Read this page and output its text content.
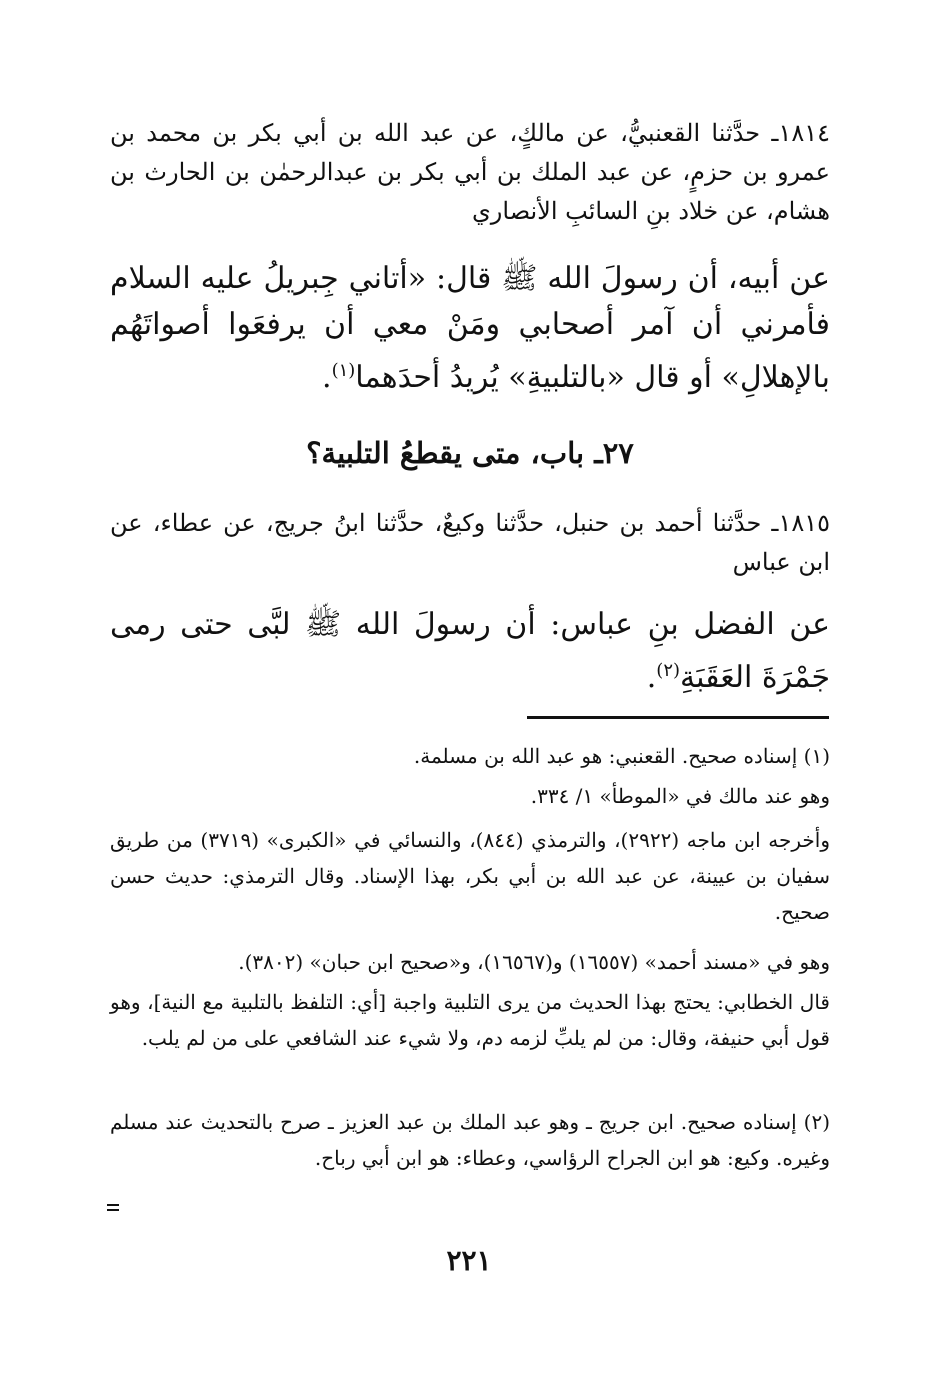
١٨١٤ـ حدَّثنا القعنبيُّ، عن مالكٍ، عن عبد الله بن أبي بكر بن محمد بن عمرو بن حزمٍ، عن عبد الملك بن أبي بكر بن عبدالرحمٰن بن الحارث بن هشام، عن خلاد بنِ السائبِ الأنصاري

عن أبيه، أن رسولَ الله ﷺ قال: «أتاني جِبريلُ عليه السلام فأمرني أن آمر أصحابي ومَنْ معي أن يرفعَوا أصواتَهُم بالإهلالِ» أو قال «بالتلبيةِ» يُريدُ أحدَهما$^{(١)}$.

٢٧ـ باب، متى يقطعُ التلبية؟

١٨١٥ـ حدَّثنا أحمد بن حنبل، حدَّثنا وكيعٌ، حدَّثنا ابنُ جريج، عن عطاء، عن ابن عباس

عن الفضل بنِ عباس: أن رسولَ الله ﷺ لبَّى حتى رمى جَمْرَةَ العَقَبَةِ$^{(٢)}$.

(١) إسناده صحيح. القعنبي: هو عبد الله بن مسلمة.

وهو عند مالك في «الموطأ» ١/ ٣٣٤.

وأخرجه ابن ماجه (٢٩٢٢)، والترمذي (٨٤٤)، والنسائي في «الكبرى» (٣٧١٩) من طريق سفيان بن عيينة، عن عبد الله بن أبي بكر، بهذا الإسناد. وقال الترمذي: حديث حسن صحيح.

وهو في «مسند أحمد» (١٦٥٥٧) و(١٦٥٦٧)، و«صحيح ابن حبان» (٣٨٠٢).

قال الخطابي: يحتج بهذا الحديث من يرى التلبية واجبة [أي: التلفظ بالتلبية مع النية]، وهو قول أبي حنيفة، وقال: من لم يلبِّ لزمه دم، ولا شيء عند الشافعي على من لم يلب.

(٢) إسناده صحيح. ابن جريج ـ وهو عبد الملك بن عبد العزيز ـ صرح بالتحديث عند مسلم وغيره. وكيع: هو ابن الجراح الرؤاسي، وعطاء: هو ابن أبي رباح.

٢٢١
